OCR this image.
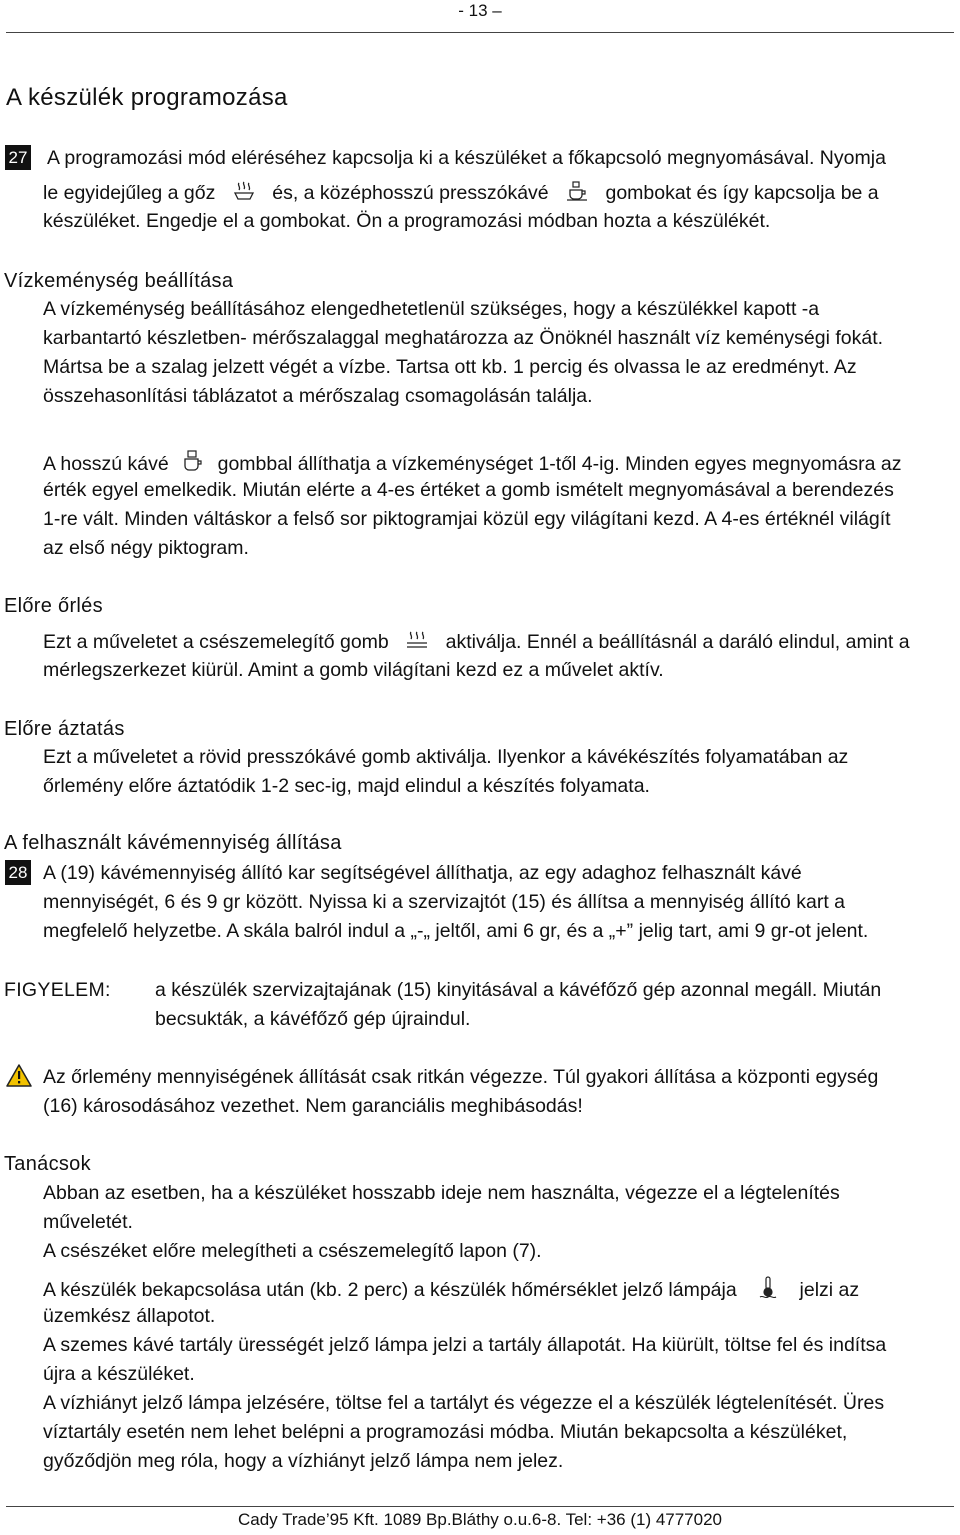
- 13 –
A készülék programozása
27 A programozási mód eléréséhez kapcsolja ki a készüléket a főkapcsoló megnyomásával. Nyomja
le egyidejűleg a gőz	és, a középhosszú presszókávé	gombokat és így kapcsolja be a
készüléket. Engedje el a gombokat. Ön a programozási módban hozta a készülékét.
Vízkeménység beállítása
A vízkeménység beállításához elengedhetetlenül szükséges, hogy a készülékkel kapott -a
karbantartó készletben- mérőszalaggal meghatározza az Önöknél használt víz keménységi fokát.
Mártsa be a szalag jelzett végét a vízbe. Tartsa ott kb. 1 percig és olvassa le az eredményt. Az
összehasonlítási táblázatot a mérőszalag csomagolásán találja.
A hosszú kávé	gombbal állíthatja a vízkeménységet 1-től 4-ig. Minden egyes megnyomásra az
érték egyel emelkedik. Miután elérte a 4-es értéket a gomb ismételt megnyomásával a berendezés
1-re vált. Minden váltáskor a felső sor piktogramjai közül egy világítani kezd. A 4-es értéknél világít
az első négy piktogram.
Előre őrlés
Ezt a műveletet a csészemelegítő gomb	aktiválja. Ennél a beállításnál a daráló elindul, amint a
mérlegszerkezet kiürül. Amint a gomb világítani kezd ez a művelet aktív.
Előre áztatás
Ezt a műveletet a rövid presszókávé gomb aktiválja. Ilyenkor a kávékészítés folyamatában az
őrlemény előre áztatódik 1-2 sec-ig, majd elindul a készítés folyamata.
A felhasznált kávémennyiség állítása
28 A (19) kávémennyiség állító kar segítségével állíthatja, az egy adaghoz felhasznált kávé
mennyiségét, 6 és 9 gr között. Nyissa ki a szervizajtót (15) és állítsa a mennyiség állító kart a
megfelelő helyzetbe. A skála balról indul a „-„ jeltől, ami 6 gr, és a „+” jelig tart, ami 9 gr-ot jelent.
FIGYELEM: a készülék szervizajtajának (15) kinyitásával a kávéfőző gép azonnal megáll. Miután
becsukták, a kávéfőző gép újraindul.
Az őrlemény mennyiségének állítását csak ritkán végezze. Túl gyakori állítása a központi egység
(16) károsodásához vezethet. Nem garanciális meghibásodás!
Tanácsok
Abban az esetben, ha a készüléket hosszabb ideje nem használta, végezze el a légtelenítés
műveletét.
A csészéket előre melegítheti a csészemelegítő lapon (7).
A készülék bekapcsolása után (kb. 2 perc) a készülék hőmérséklet jelző lámpája	jelzi az
üzemkész állapotot.
A szemes kávé tartály ürességét jelző lámpa jelzi a tartály állapotát. Ha kiürült, töltse fel és indítsa
újra a készüléket.
A vízhiányt jelző lámpa jelzésére, töltse fel a tartályt és végezze el a készülék légtelenítését. Üres
víztartály esetén nem lehet belépni a programozási módba. Miután bekapcsolta a készüléket,
győződjön meg róla, hogy a vízhiányt jelző lámpa nem jelez.
Cady Trade’95 Kft. 1089 Bp.Bláthy o.u.6-8. Tel: +36 (1) 4777020
